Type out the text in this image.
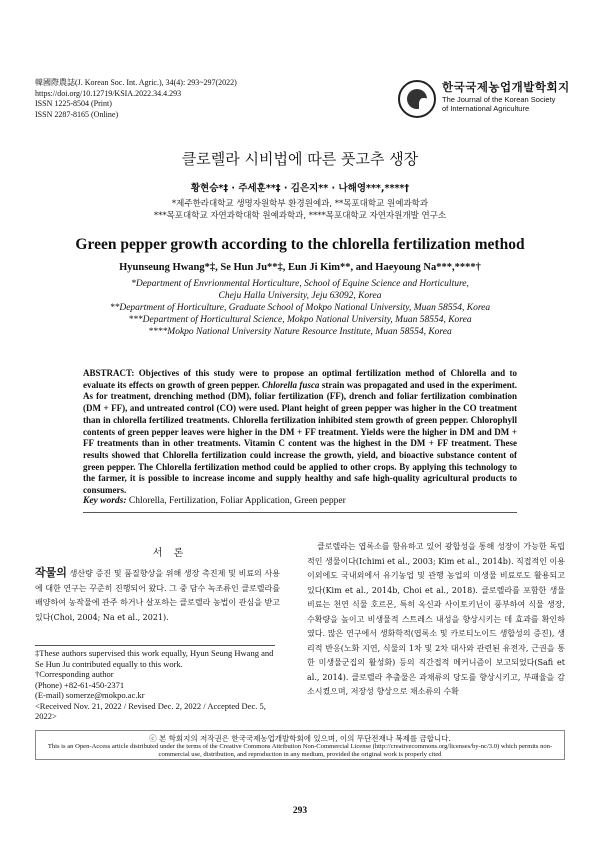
韓國際農誌(J. Korean Soc. Int. Agric.), 34(4): 293~297(2022)
https://doi.org/10.12719/KSIA.2022.34.4.293
ISSN 1225-8504 (Print)
ISSN 2287-8165 (Online)
한국국제농업개발학회지
The Journal of the Korean Society
of International Agriculture
클로렐라 시비법에 따른 풋고추 생장
황현승*‡ · 주세훈**‡ · 김은지** · 나해영***,****†
*제주한라대학교 생명자원학부 환경원예과, **목포대학교 원예과학과
***목포대학교 자연과학대학 원예과학과, ****목포대학교 자연자원개발 연구소
Green pepper growth according to the chlorella fertilization method
Hyunseung Hwang*‡, Se Hun Ju**‡, Eun Ji Kim**, and Haeyoung Na***,****†
*Department of Envrionmental Horticulture, School of Equine Science and Horticulture,
Cheju Halla University, Jeju 63092, Korea
**Department of Horticulture, Graduate School of Mokpo National University, Muan 58554, Korea
***Department of Horticultural Science, Mokpo National University, Muan 58554, Korea
****Mokpo National University Nature Resource Institute, Muan 58554, Korea
ABSTRACT: Objectives of this study were to propose an optimal fertilization method of Chlorella and to evaluate its effects on growth of green pepper. Chlorella fusca strain was propagated and used in the experiment. As for treatment, drenching method (DM), foliar fertilization (FF), drench and foliar fertilization combination (DM + FF), and untreated control (CO) were used. Plant height of green pepper was higher in the CO treatment than in chlorella fertilized treatments. Chlorella fertilization inhibited stem growth of green pepper. Chlorophyll contents of green pepper leaves were higher in the DM + FF treatment. Yields were the higher in DM and DM + FF treatments than in other treatments. Vitamin C content was the highest in the DM + FF treatment. These results showed that Chlorella fertilization could increase the growth, yield, and bioactive substance content of green pepper. The Chlorella fertilization method could be applied to other crops. By applying this technology to the farmer, it is possible to increase income and supply healthy and safe high-quality agricultural products to consumers.
Key words: Chlorella, Fertilization, Foliar Application, Green pepper
서 론
작물의 생산량 증진 및 품질향상을 위해 생장 촉진제 및 비료의 사용에 대한 연구는 꾸준히 진행되어 왔다. 그 중 담수 녹조류인 클로렐라를 배양하여 농작물에 관주 하거나 살포하는 클로렐라 농법이 관심을 받고 있다(Choi, 2004; Na et al., 2021).
클로렐라는 엽록소를 함유하고 있어 광합성을 통해 성장이 가능한 독립적인 생물이다(Ichimi et al., 2003; Kim et al., 2014b). 직접적인 이용 이외에도 국내외에서 유기농업 및 관행 농업의 미생물 비료로도 활용되고 있다(Kim et al., 2014b, Choi et al., 2018). 클로렐라를 포함한 생물 비료는 천연 식물 호르몬, 특히 옥신과 사이토키닌이 풍부하여 식물 생장, 수확량을 높이고 비생물적 스트레스 내성을 향상시키는 데 효과를 확인하였다. 많은 연구에서 생화학적(엽록소 및 카로티노이드 생합성의 증진), 생리적 반응(노화 지연, 식물의 1차 및 2차 대사와 관련된 유전자, 근권을 통한 미생물군집의 활성화) 등의 직간접적 메커니즘이 보고되었다(Safi et al., 2014). 클로렐라 추출물은 과채류의 당도를 향상시키고, 부패율을 감소시켰으며, 저장성 향상으로 채소류의 수확
‡These authors supervised this work equally, Hyun Seung Hwang and Se Hun Ju contributed equally to this work.
†Corresponding author
(Phone) +82-61-450-2371
(E-mail) somerze@mokpo.ac.kr
<Received Nov. 21, 2022 / Revised Dec. 2, 2022 / Accepted Dec. 5, 2022>
ⓒ 본 학회지의 저작권은 한국국제농업개발학회에 있으며, 이의 무단전재나 복제를 금합니다.
This is an Open-Access article distributed under the terms of the Creative Commons Attribution Non-Commercial License (http://creativecommons.org/licenses/by-nc/3.0) which permits non-commercial use, distribution, and reproduction in any medium, provided the original work is properly cited
293
